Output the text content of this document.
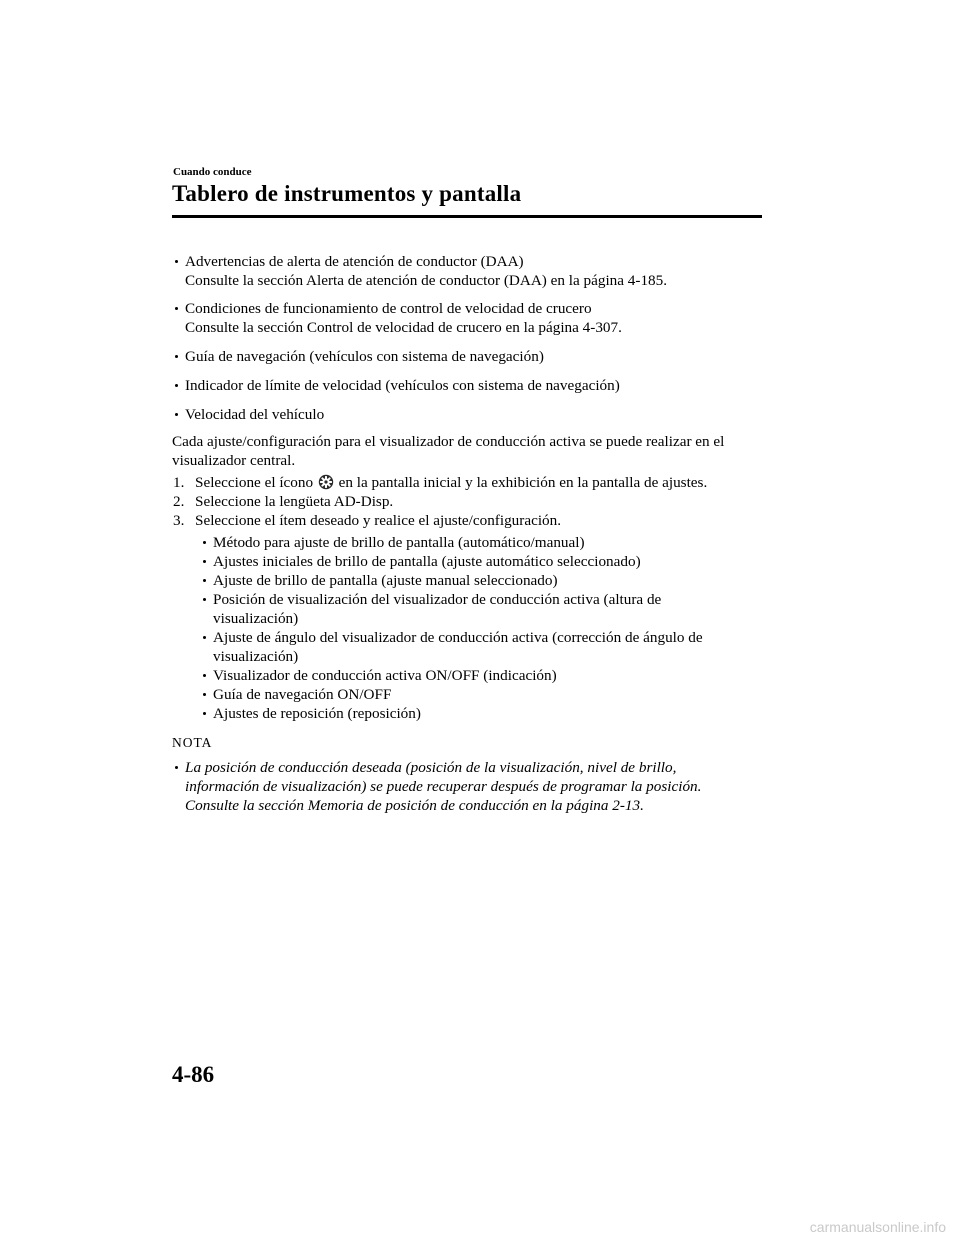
Cuando conduce
Tablero de instrumentos y pantalla
Advertencias de alerta de atención de conductor (DAA)
Consulte la sección Alerta de atención de conductor (DAA) en la página 4-185.
Condiciones de funcionamiento de control de velocidad de crucero
Consulte la sección Control de velocidad de crucero en la página 4-307.
Guía de navegación (vehículos con sistema de navegación)
Indicador de límite de velocidad (vehículos con sistema de navegación)
Velocidad del vehículo
Cada ajuste/configuración para el visualizador de conducción activa se puede realizar en el visualizador central.
1. Seleccione el ícono en la pantalla inicial y la exhibición en la pantalla de ajustes.
2. Seleccione la lengüeta AD-Disp.
3. Seleccione el ítem deseado y realice el ajuste/configuración.
Método para ajuste de brillo de pantalla (automático/manual)
Ajustes iniciales de brillo de pantalla (ajuste automático seleccionado)
Ajuste de brillo de pantalla (ajuste manual seleccionado)
Posición de visualización del visualizador de conducción activa (altura de visualización)
Ajuste de ángulo del visualizador de conducción activa (corrección de ángulo de visualización)
Visualizador de conducción activa ON/OFF (indicación)
Guía de navegación ON/OFF
Ajustes de reposición (reposición)
NOTA
La posición de conducción deseada (posición de la visualización, nivel de brillo, información de visualización) se puede recuperar después de programar la posición.
Consulte la sección Memoria de posición de conducción en la página 2-13.
4-86
carmanualsonline.info
